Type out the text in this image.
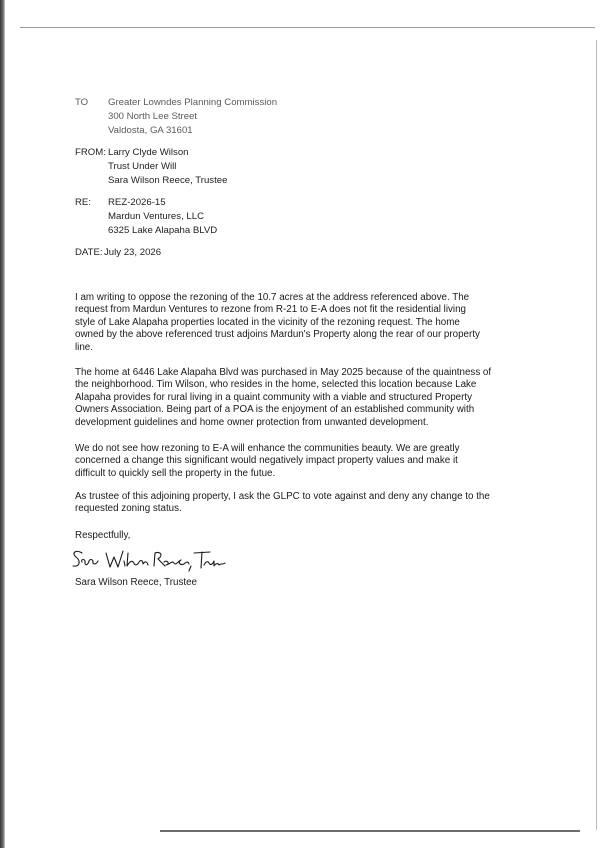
TO Greater Lowndes Planning Commission
300 North Lee Street
Valdosta, GA 31601
FROM: Larry Clyde Wilson
Trust Under Will
Sara Wilson Reece, Trustee
RE: REZ-2026-15
Mardun Ventures, LLC
6325 Lake Alapaha BLVD
DATE: July 23, 2026
I am writing to oppose the rezoning of the 10.7 acres at the address referenced above. The
request from Mardun Ventures to rezone from R-21 to E-A does not fit the residential living
style of Lake Alapaha properties located in the vicinity of the rezoning request. The home
owned by the above referenced trust adjoins Mardun's Property along the rear of our property
line.
The home at 6446 Lake Alapaha Blvd was purchased in May 2025 because of the quaintness of
the neighborhood. Tim Wilson, who resides in the home, selected this location because Lake
Alapaha provides for rural living in a quaint community with a viable and structured Property
Owners Association. Being part of a POA is the enjoyment of an established community with
development guidelines and home owner protection from unwanted development.
We do not see how rezoning to E-A will enhance the communities beauty. We are greatly
concerned a change this significant would negatively impact property values and make it
difficult to quickly sell the property in the futue.
As trustee of this adjoining property, I ask the GLPC to vote against and deny any change to the
requested zoning status.
Respectfully,
Sara Wilson Reece, Trustee
